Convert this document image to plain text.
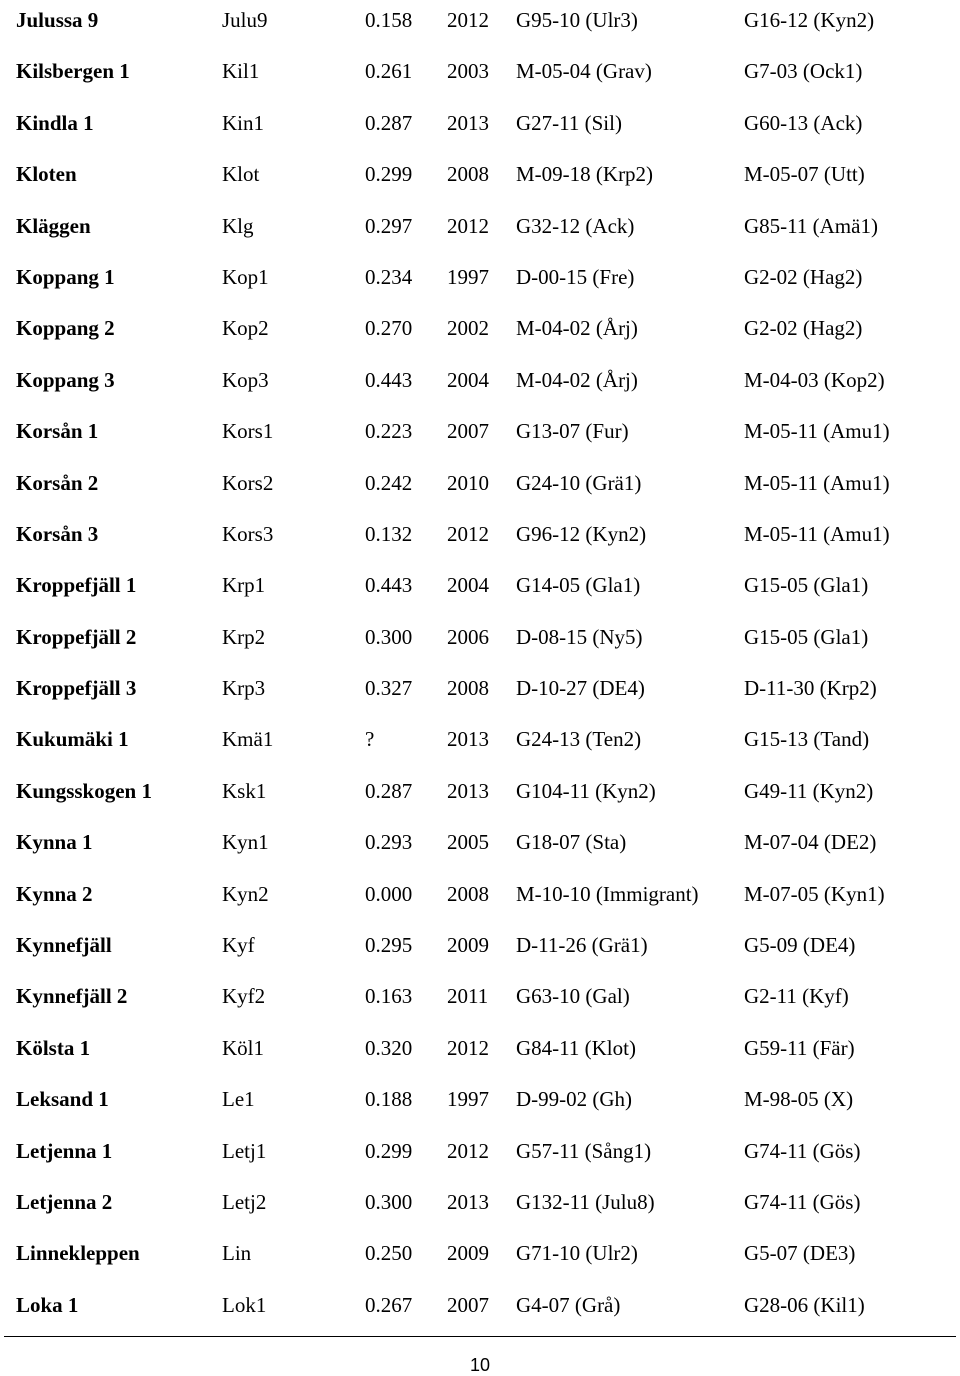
Julussa 9	Julu9	0.158 2012 G95-10 (Ulr3)	G16-12 (Kyn2)
Kilsbergen 1	Kil1	0.261 2003 M-05-04 (Grav)	G7-03 (Ock1)
Kindla 1	Kin1	0.287 2013 G27-11 (Sil)	G60-13 (Ack)
Kloten	Klot	0.299 2008 M-09-18 (Krp2)	M-05-07 (Utt)
Kläggen	Klg	0.297 2012 G32-12 (Ack)	G85-11 (Amä1)
Koppang 1	Kop1	0.234 1997 D-00-15 (Fre)	G2-02 (Hag2)
Koppang 2	Kop2	0.270 2002 M-04-02 (Årj)	G2-02 (Hag2)
Koppang 3	Kop3	0.443 2004 M-04-02 (Årj)	M-04-03 (Kop2)
Korsån 1	Kors1	0.223 2007 G13-07 (Fur)	M-05-11 (Amu1)
Korsån 2	Kors2	0.242 2010 G24-10 (Grä1)	M-05-11 (Amu1)
Korsån 3	Kors3	0.132 2012 G96-12 (Kyn2)	M-05-11 (Amu1)
Kroppefjäll 1	Krp1	0.443 2004 G14-05 (Gla1)	G15-05 (Gla1)
Kroppefjäll 2	Krp2	0.300 2006 D-08-15 (Ny5)	G15-05 (Gla1)
Kroppefjäll 3	Krp3	0.327 2008 D-10-27 (DE4)	D-11-30 (Krp2)
Kukumäki 1	Kmä1	?	2013 G24-13 (Ten2)	G15-13 (Tand)
Kungsskogen 1	Ksk1	0.287 2013 G104-11 (Kyn2)	G49-11 (Kyn2)
Kynna 1	Kyn1	0.293 2005 G18-07 (Sta)	M-07-04 (DE2)
Kynna 2	Kyn2	0.000 2008 M-10-10 (Immigrant) M-07-05 (Kyn1)
Kynnefjäll	Kyf	0.295 2009 D-11-26 (Grä1)	G5-09 (DE4)
Kynnefjäll 2	Kyf2	0.163 2011 G63-10 (Gal)	G2-11 (Kyf)
Kölsta 1	Köl1	0.320 2012 G84-11 (Klot)	G59-11 (Fär)
Leksand 1	Le1	0.188 1997 D-99-02 (Gh)	M-98-05 (X)
Letjenna 1	Letj1	0.299 2012 G57-11 (Sång1)	G74-11 (Gös)
Letjenna 2	Letj2	0.300 2013 G132-11 (Julu8)	G74-11 (Gös)
Linnekleppen	Lin	0.250 2009 G71-10 (Ulr2)	G5-07 (DE3)
Loka 1	Lok1	0.267 2007 G4-07 (Grå)	G28-06 (Kil1)
10
